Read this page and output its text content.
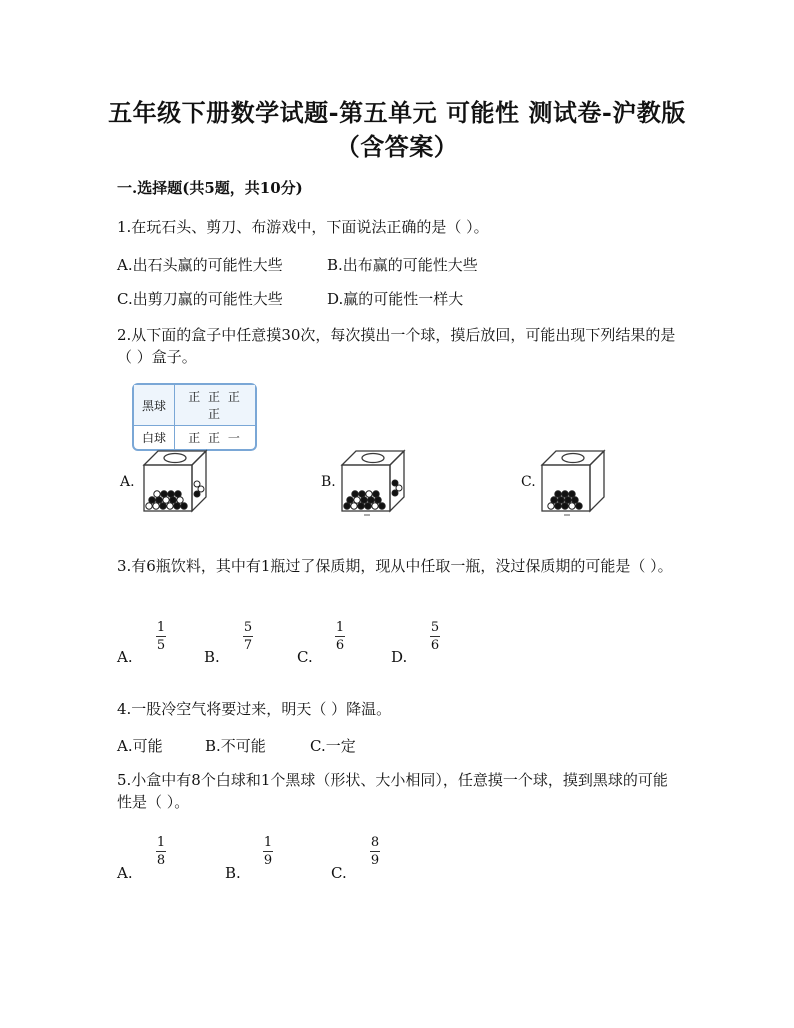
五年级下册数学试题-第五单元 可能性 测试卷-沪教版
（含答案）
一.选择题(共5题，共10分)
1.在玩石头、剪刀、布游戏中，下面说法正确的是（ ）。
A.出石头赢的可能性大些	B.出布赢的可能性大些
C.出剪刀赢的可能性大些	D.赢的可能性一样大
2.从下面的盒子中任意摸30次，每次摸出一个球，摸后放回，可能出现下列结果的是（ ）盒子。
黑球	正 正 正 正
白球	正 正 一
A.	B.	C.
3.有6瓶饮料，其中有1瓶过了保质期，现从中任取一瓶，没过保质期的可能是（ ）。
A.
1
5
B.
5
7
C.
1
6
D.
5
6
4.一股冷空气将要过来，明天（ ）降温。
A.可能	B.不可能	C.一定
5.小盒中有8个白球和1个黑球（形状、大小相同），任意摸一个球，摸到黑球的可能性是（ ）。
A.
1
8
B.
1
9
C.
8
9
